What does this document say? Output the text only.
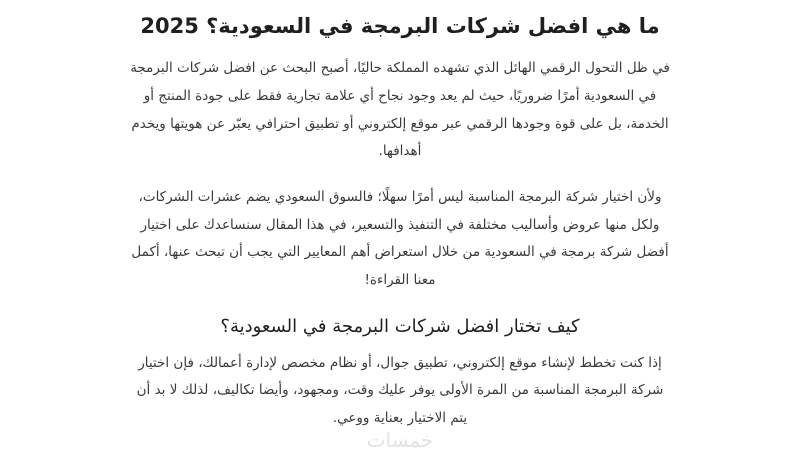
ما هي افضل شركات البرمجة في السعودية؟ 2025

في ظل التحول الرقمي الهائل الذي تشهده المملكة حاليًا، أصبح البحث عن افضل شركات البرمجة في السعودية أمرًا ضروريًا، حيث لم يعد وجود نجاح أي علامة تجارية فقط على جودة المنتج أو الخدمة، بل على قوة وجودها الرقمي عبر موقع إلكتروني أو تطبيق احترافي يعبّر عن هويتها ويخدم أهدافها.

ولأن اختيار شركة البرمجة المناسبة ليس أمرًا سهلًا؛ فالسوق السعودي يضم عشرات الشركات، ولكل منها عروض وأساليب مختلفة في التنفيذ والتسعير، في هذا المقال سنساعدك على اختيار أفضل شركة برمجة في السعودية من خلال استعراض أهم المعايير التي يجب أن تبحث عنها، أكمل معنا القراءة!

كيف تختار افضل شركات البرمجة في السعودية؟

إذا كنت تخطط لإنشاء موقع إلكتروني، تطبيق جوال، أو نظام مخصص لإدارة أعمالك، فإن اختيار شركة البرمجة المناسبة من المرة الأولى يوفر عليك وقت، ومجهود، وأيضا تكاليف، لذلك لا بد أن يتم الاختيار بعناية ووعي.

خمسات
